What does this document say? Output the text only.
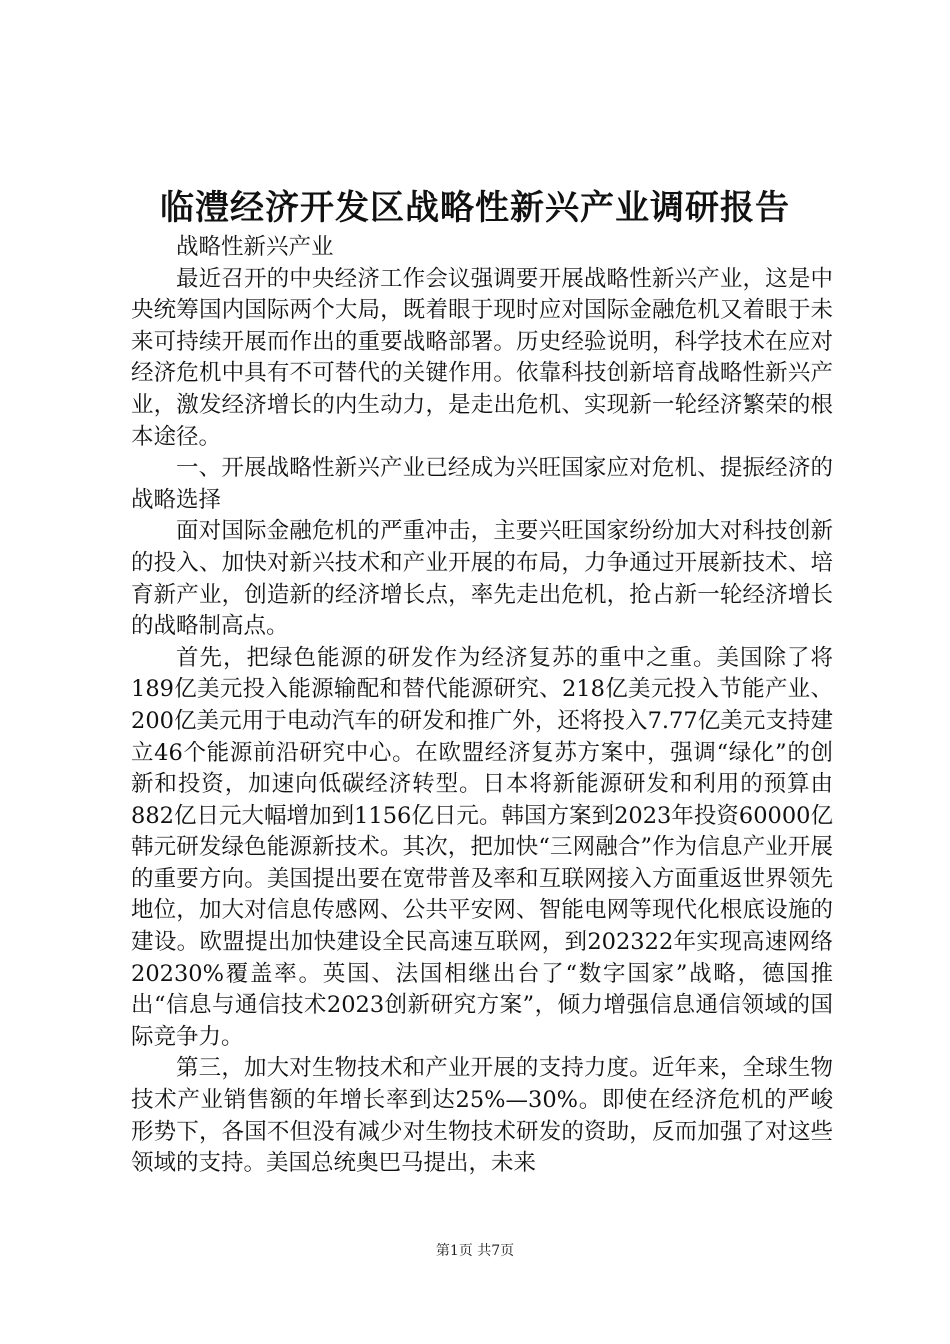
临澧经济开发区战略性新兴产业调研报告

战略性新兴产业

最近召开的中央经济工作会议强调要开展战略性新兴产业，这是中央统筹国内国际两个大局，既着眼于现时应对国际金融危机又着眼于未来可持续开展而作出的重要战略部署。历史经验说明，科学技术在应对经济危机中具有不可替代的关键作用。依靠科技创新培育战略性新兴产业，激发经济增长的内生动力，是走出危机、实现新一轮经济繁荣的根本途径。

一、开展战略性新兴产业已经成为兴旺国家应对危机、提振经济的战略选择

面对国际金融危机的严重冲击，主要兴旺国家纷纷加大对科技创新的投入、加快对新兴技术和产业开展的布局，力争通过开展新技术、培育新产业，创造新的经济增长点，率先走出危机，抢占新一轮经济增长的战略制高点。

首先，把绿色能源的研发作为经济复苏的重中之重。美国除了将189亿美元投入能源输配和替代能源研究、218亿美元投入节能产业、200亿美元用于电动汽车的研发和推广外，还将投入7.77亿美元支持建立46个能源前沿研究中心。在欧盟经济复苏方案中，强调“绿化”的创新和投资，加速向低碳经济转型。日本将新能源研发和利用的预算由882亿日元大幅增加到1156亿日元。韩国方案到2023年投资60000亿韩元研发绿色能源新技术。其次，把加快“三网融合”作为信息产业开展的重要方向。美国提出要在宽带普及率和互联网接入方面重返世界领先地位，加大对信息传感网、公共平安网、智能电网等现代化根底设施的建设。欧盟提出加快建设全民高速互联网，到202322年实现高速网络20230%覆盖率。英国、法国相继出台了“数字国家”战略，德国推出“信息与通信技术2023创新研究方案”，倾力增强信息通信领域的国际竞争力。

第三，加大对生物技术和产业开展的支持力度。近年来，全球生物技术产业销售额的年增长率到达25%—30%。即使在经济危机的严峻形势下，各国不但没有减少对生物技术研发的资助，反而加强了对这些领域的支持。美国总统奥巴马提出，未来

第1页 共7页
